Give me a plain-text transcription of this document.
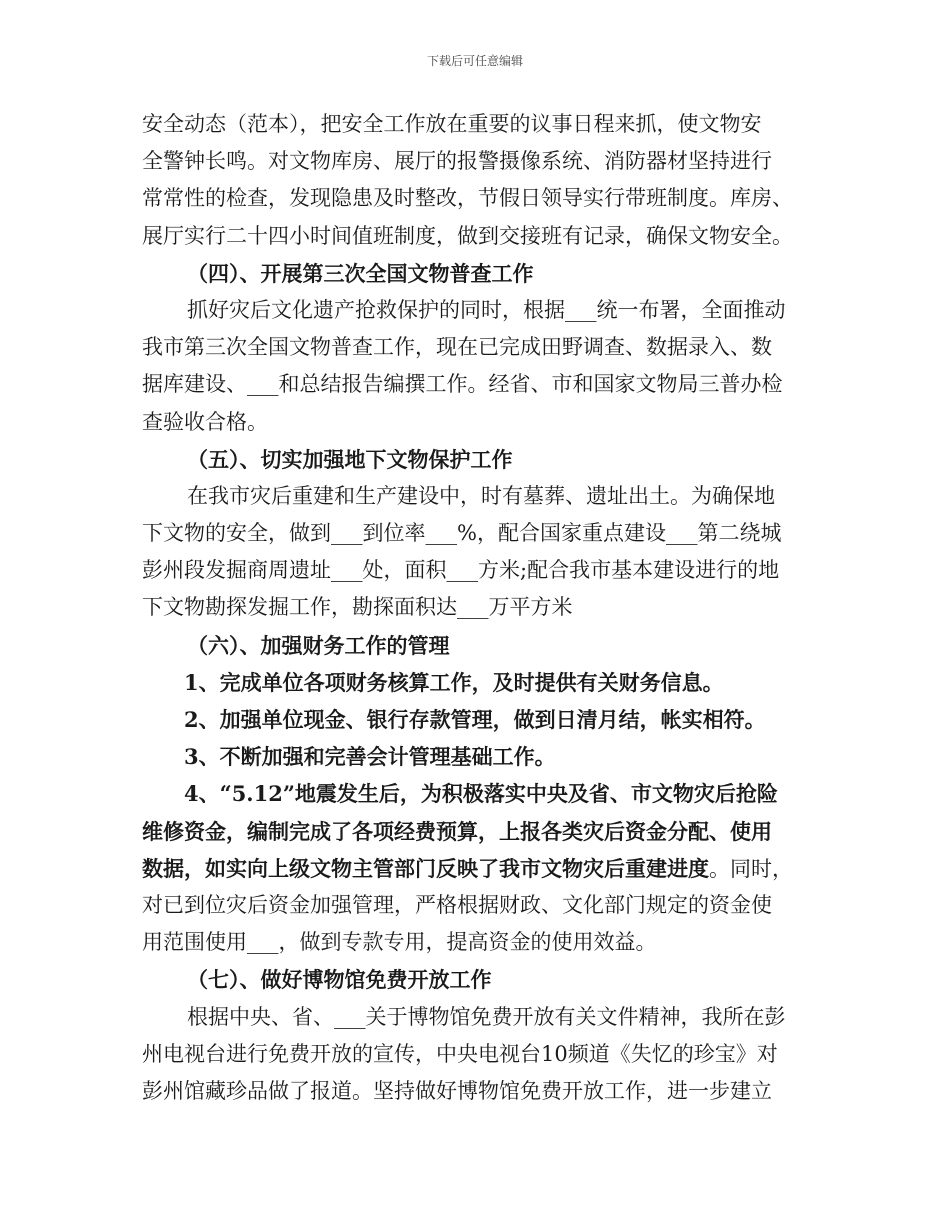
下载后可任意编辑
安全动态（范本），把安全工作放在重要的议事日程来抓，使文物安
全警钟长鸣。对文物库房、展厅的报警摄像系统、消防器材坚持进行
常常性的检查，发现隐患及时整改，节假日领导实行带班制度。库房、
展厅实行二十四小时间值班制度，做到交接班有记录，确保文物安全。
（四）、开展第三次全国文物普查工作
抓好灾后文化遗产抢救保护的同时，根据___统一布署，全面推动
我市第三次全国文物普查工作，现在已完成田野调查、数据录入、数
据库建设、___和总结报告编撰工作。经省、市和国家文物局三普办检
查验收合格。
（五）、切实加强地下文物保护工作
在我市灾后重建和生产建设中，时有墓葬、遗址出土。为确保地
下文物的安全，做到___到位率___%，配合国家重点建设___第二绕城
彭州段发掘商周遗址___处，面积___方米;配合我市基本建设进行的地
下文物勘探发掘工作，勘探面积达___万平方米
（六）、加强财务工作的管理
1、完成单位各项财务核算工作，及时提供有关财务信息。
2、加强单位现金、银行存款管理，做到日清月结，帐实相符。
3、不断加强和完善会计管理基础工作。
4、“5.12”地震发生后，为积极落实中央及省、市文物灾后抢险
维修资金，编制完成了各项经费预算，上报各类灾后资金分配、使用
数据，如实向上级文物主管部门反映了我市文物灾后重建进度。同时，
对已到位灾后资金加强管理，严格根据财政、文化部门规定的资金使
用范围使用___，做到专款专用，提高资金的使用效益。
（七）、做好博物馆免费开放工作
根据中央、省、___关于博物馆免费开放有关文件精神，我所在彭
州电视台进行免费开放的宣传，中央电视台10频道《失忆的珍宝》对
彭州馆藏珍品做了报道。坚持做好博物馆免费开放工作，进一步建立
